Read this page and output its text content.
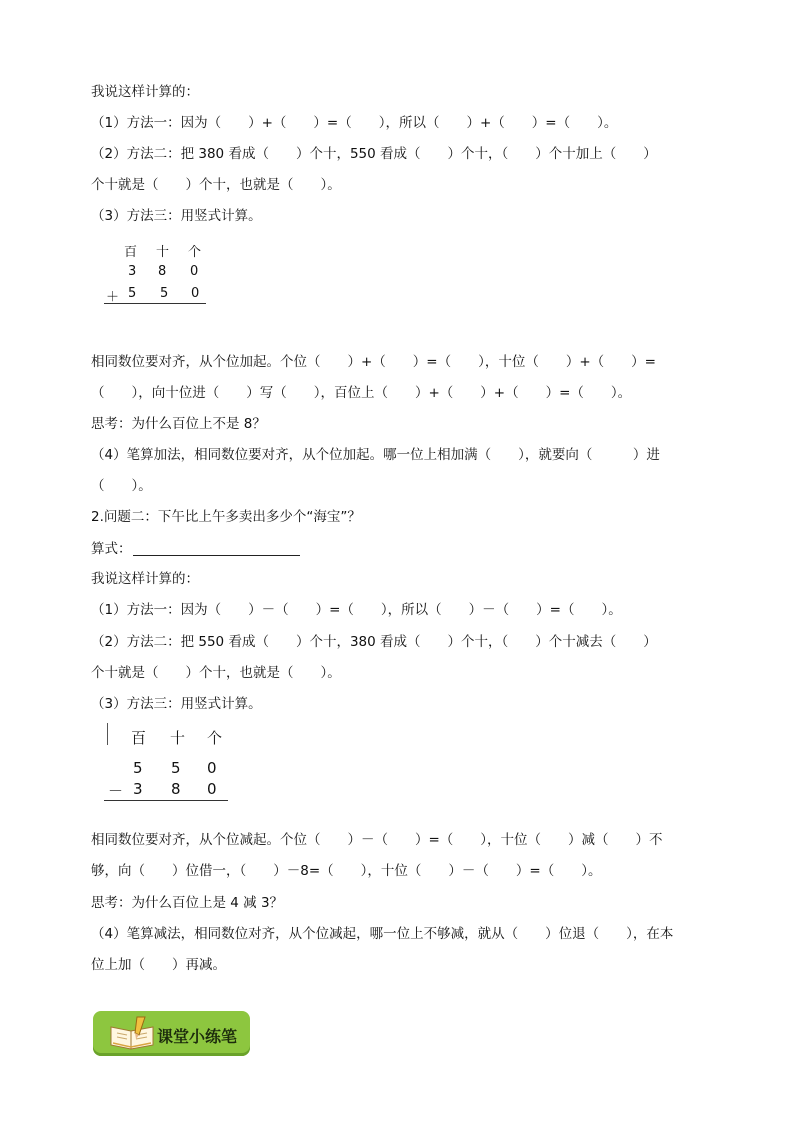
我说这样计算的：
（1）方法一：因为（　　）+（　　）=（　　），所以（　　）+（　　）=（　　）。
（2）方法二：把 380 看成（　　）个十，550 看成（　　）个十，（　　）个十加上（　　）
个十就是（　　）个十，也就是（　　）。
（3）方法三：用竖式计算。
百 十 个
3 8 0
＋ 5 5 0
相同数位要对齐，从个位加起。个位（　　）+（　　）=（　　），十位（　　）+（　　）=
（　　），向十位进（　　）写（　　），百位上（　　）+（　　）+（　　）=（　　）。
思考：为什么百位上不是 8？
（4）笔算加法，相同数位要对齐，从个位加起。哪一位上相加满（　　），就要向（　　　）进
（　　）。
2.问题二：下午比上午多卖出多少个“海宝”？
算式：
我说这样计算的：
（1）方法一：因为（　　）－（　　）=（　　），所以（　　）－（　　）=（　　）。
（2）方法二：把 550 看成（　　）个十，380 看成（　　）个十，（　　）个十减去（　　）
个十就是（　　）个十，也就是（　　）。
（3）方法三：用竖式计算。
百 十 个
5 5 0
－ 3 8 0
相同数位要对齐，从个位减起。个位（　　）－（　　）=（　　），十位（　　）减（　　）不
够，向（　　）位借一，（　　）－8=（　　），十位（　　）－（　　）=（　　）。
思考：为什么百位上是 4 减 3？
（4）笔算减法，相同数位对齐，从个位减起，哪一位上不够减，就从（　　）位退（　　），在本
位上加（　　）再减。
课堂小练笔
